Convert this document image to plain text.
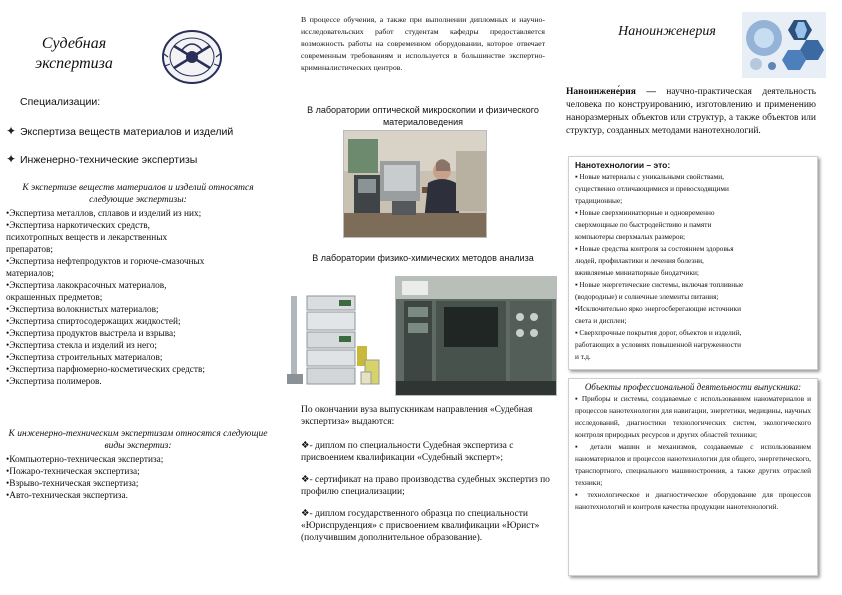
Судебная экспертиза
Специализации:
✦ Экспертиза веществ материалов и изделий
✦ Инженерно-технические экспертизы
К экспертизе веществ материалов и изделий относятся следующие экспертизы:
•Экспертиза металлов, сплавов и изделий из них;
•Экспертиза наркотических средств,
психотропных веществ и лекарственных
препаратов;
•Экспертиза нефтепродуктов и горюче-смазочных
материалов;
•Экспертиза лакокрасочных материалов,
окрашенных предметов;
•Экспертиза волокнистых материалов;
•Экспертиза спиртосодержащих жидкостей;
•Экспертиза продуктов выстрела и взрыва;
•Экспертиза стекла и изделий из него;
•Экспертиза строительных материалов;
•Экспертиза парфюмерно-косметических средств;
•Экспертиза полимеров.
К инженерно-техническим экспертизам относятся следующие виды экспертиз:
•Компьютерно-техническая экспертиза;
•Пожаро-техническая экспертиза;
•Взрыво-техническая экспертиза;
•Авто-техническая экспертиза.
В процессе обучения, а также при выполнении дипломных и научно-исследовательских работ студентам кафедры предоставляется возможность работы на современном оборудовании, которое отвечает современным требованиям и используется в большинстве экспертно-криминалистических центров.
В лаборатории оптической микроскопии и физического материаловедения
В лаборатории физико-химических методов анализа
По окончании вуза выпускникам направления «Судебная экспертиза» выдаются:

❖- диплом по специальности Судебная экспертиза с присвоением квалификации «Судебный эксперт»;

❖- сертификат на право производства судебных экспертиз по профилю специализации;

❖- диплом государственного образца по специальности «Юриспруденция» с присвоением квалификации «Юрист» (получившим дополнительное образование).

Наноинженерия
Наноинжене́рия — научно-практическая деятельность человека по конструированию, изготовлению и применению наноразмерных объектов или структур, а также объектов или структур, созданных методами нанотехнологий.
Нанотехнологии – это:
▪ Новые материалы с уникальными свойствами,
существенно отличающимися и превосходящими
традиционные;
▪ Новые сверхминиатюрные и одновременно
сверхмощные по быстродействию и памяти
компьютеры сверхмалых размеров;
▪ Новые средства контроля за состоянием здоровья
людей, профилактики и лечения болезни,
вживляемые миниатюрные биодатчики;
▪ Новые энергетические системы, включая топливные
(водородные) и солнечные элементы питания;
▪Исключительно ярко энергосберегающие источники
света и дисплеи;
▪ Сверхпрочные покрытия дорог, объектов и изделий,
работающих в условиях повышенной нагруженности
и т.д.
Объекты профессиональной деятельности выпускника:
▪ Приборы и системы, создаваемые с использованием наноматериалов и процессов нанотехнологии для навигации, энергетики, медицины, научных исследований, диагностики технологических систем, экологического контроля природных ресурсов и других областей техники;
▪ детали машин и механизмов, создаваемые с использованием наноматериалов и процессов нанотехнологии для общего, энергетического, транспортного, специального машиностроения, а также других отраслей техники;
▪ технологическое и диагностическое оборудование для процессов нанотехнологий и контроля качества продукции нанотехнологий.
